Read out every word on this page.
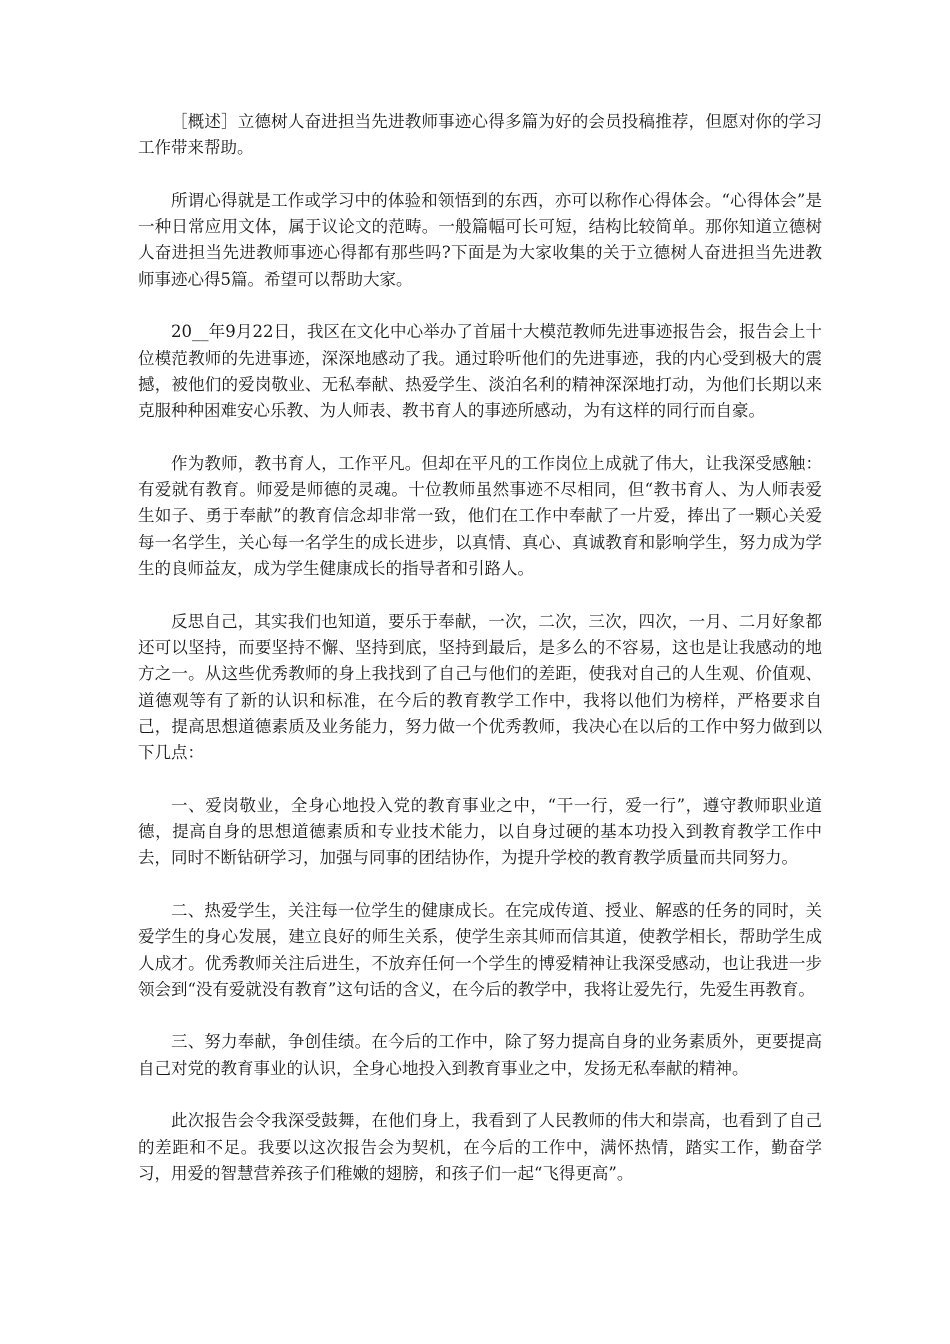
［概述］立德树人奋进担当先进教师事迹心得多篇为好的会员投稿推荐，但愿对你的学习工作带来帮助。

所谓心得就是工作或学习中的体验和领悟到的东西，亦可以称作心得体会。“心得体会”是一种日常应用文体，属于议论文的范畴。一般篇幅可长可短，结构比较简单。那你知道立德树人奋进担当先进教师事迹心得都有那些吗?下面是为大家收集的关于立德树人奋进担当先进教师事迹心得5篇。希望可以帮助大家。

20__年9月22日，我区在文化中心举办了首届十大模范教师先进事迹报告会，报告会上十位模范教师的先进事迹，深深地感动了我。通过聆听他们的先进事迹，我的内心受到极大的震撼，被他们的爱岗敬业、无私奉献、热爱学生、淡泊名利的精神深深地打动，为他们长期以来克服种种困难安心乐教、为人师表、教书育人的事迹所感动，为有这样的同行而自豪。

作为教师，教书育人，工作平凡。但却在平凡的工作岗位上成就了伟大，让我深受感触：有爱就有教育。师爱是师德的灵魂。十位教师虽然事迹不尽相同，但“教书育人、为人师表爱生如子、勇于奉献”的教育信念却非常一致，他们在工作中奉献了一片爱，捧出了一颗心关爱每一名学生，关心每一名学生的成长进步，以真情、真心、真诚教育和影响学生，努力成为学生的良师益友，成为学生健康成长的指导者和引路人。

反思自己，其实我们也知道，要乐于奉献，一次，二次，三次，四次，一月、二月好象都还可以坚持，而要坚持不懈、坚持到底，坚持到最后，是多么的不容易，这也是让我感动的地方之一。从这些优秀教师的身上我找到了自己与他们的差距，使我对自己的人生观、价值观、道德观等有了新的认识和标准，在今后的教育教学工作中，我将以他们为榜样，严格要求自己，提高思想道德素质及业务能力，努力做一个优秀教师，我决心在以后的工作中努力做到以下几点：

一、爱岗敬业，全身心地投入党的教育事业之中，“干一行，爱一行”，遵守教师职业道德，提高自身的思想道德素质和专业技术能力，以自身过硬的基本功投入到教育教学工作中去，同时不断钻研学习，加强与同事的团结协作，为提升学校的教育教学质量而共同努力。

二、热爱学生，关注每一位学生的健康成长。在完成传道、授业、解惑的任务的同时，关爱学生的身心发展，建立良好的师生关系，使学生亲其师而信其道，使教学相长，帮助学生成人成才。优秀教师关注后进生，不放弃任何一个学生的博爱精神让我深受感动，也让我进一步领会到“没有爱就没有教育”这句话的含义，在今后的教学中，我将让爱先行，先爱生再教育。

三、努力奉献，争创佳绩。在今后的工作中，除了努力提高自身的业务素质外，更要提高自己对党的教育事业的认识，全身心地投入到教育事业之中，发扬无私奉献的精神。

此次报告会令我深受鼓舞，在他们身上，我看到了人民教师的伟大和崇高，也看到了自己的差距和不足。我要以这次报告会为契机，在今后的工作中，满怀热情，踏实工作，勤奋学习，用爱的智慧营养孩子们稚嫩的翅膀，和孩子们一起“飞得更高”。
